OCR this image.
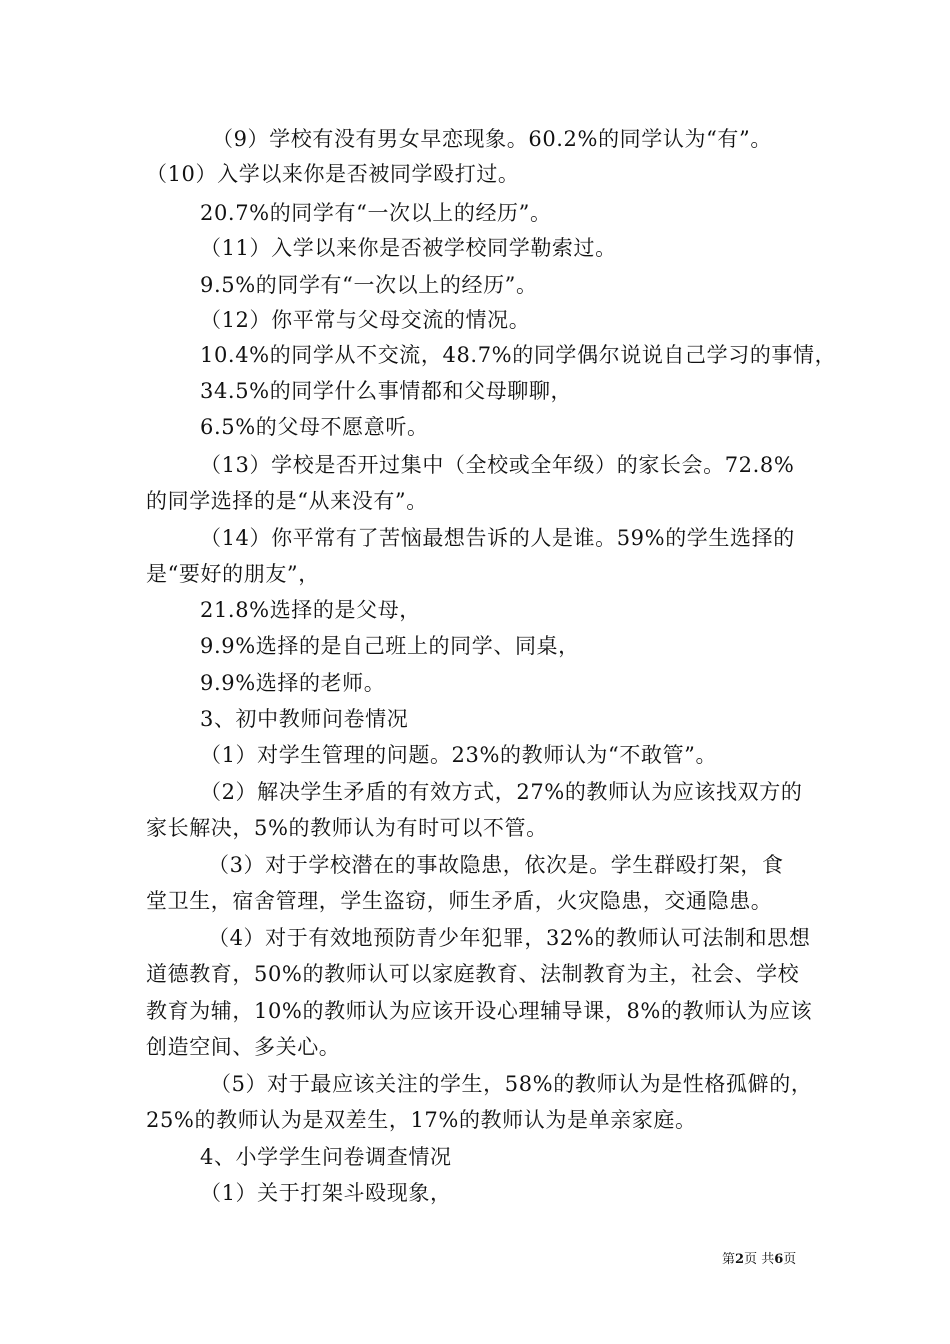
（9）学校有没有男女早恋现象。60.2%的同学认为“有”。
（10）入学以来你是否被同学殴打过。
20.7%的同学有“一次以上的经历”。
（11）入学以来你是否被学校同学勒索过。
9.5%的同学有“一次以上的经历”。
（12）你平常与父母交流的情况。
10.4%的同学从不交流，48.7%的同学偶尔说说自己学习的事情，
34.5%的同学什么事情都和父母聊聊，
6.5%的父母不愿意听。
（13）学校是否开过集中（全校或全年级）的家长会。72.8%
的同学选择的是“从来没有”。
（14）你平常有了苦恼最想告诉的人是谁。59%的学生选择的
是“要好的朋友”，
21.8%选择的是父母，
9.9%选择的是自己班上的同学、同桌，
9.9%选择的老师。
3、初中教师问卷情况
（1）对学生管理的问题。23%的教师认为“不敢管”。
（2）解决学生矛盾的有效方式，27%的教师认为应该找双方的
家长解决，5%的教师认为有时可以不管。
（3）对于学校潜在的事故隐患，依次是。学生群殴打架，食
堂卫生，宿舍管理，学生盗窃，师生矛盾，火灾隐患，交通隐患。
（4）对于有效地预防青少年犯罪，32%的教师认可法制和思想
道德教育，50%的教师认可以家庭教育、法制教育为主，社会、学校
教育为辅，10%的教师认为应该开设心理辅导课，8%的教师认为应该
创造空间、多关心。
（5）对于最应该关注的学生，58%的教师认为是性格孤僻的，
25%的教师认为是双差生，17%的教师认为是单亲家庭。
4、小学学生问卷调查情况
（1）关于打架斗殴现象，
第2页 共6页
